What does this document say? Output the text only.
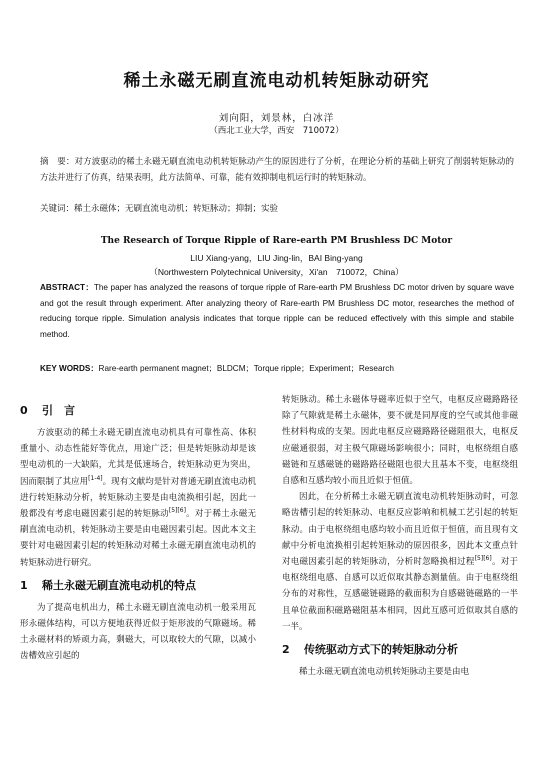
稀土永磁无刷直流电动机转矩脉动研究
刘向阳，刘景林，白冰洋
（西北工业大学，西安　710072）
摘　要：对方波驱动的稀土永磁无刷直流电动机转矩脉动产生的原因进行了分析，在理论分析的基础上研究了削弱转矩脉动的方法并进行了仿真，结果表明，此方法简单、可靠，能有效抑制电机运行时的转矩脉动。
关键词：稀土永磁体；无刷直流电动机；转矩脉动；抑制；实验
The Research of Torque Ripple of Rare-earth PM Brushless DC Motor
LIU Xiang-yang，LIU Jing-lin，BAI Bing-yang
（Northwestern Polytechnical University，Xi'an　710072，China）
ABSTRACT：The paper has analyzed the reasons of torque ripple of Rare-earth PM Brushless DC motor driven by square wave and got the result through experiment. After analyzing theory of Rare-earth PM Brushless DC motor, researches the method of reducing torque ripple. Simulation analysis indicates that torque ripple can be reduced effectively with this simple and stabile method.
KEY WORDS：Rare-earth permanent magnet；BLDCM；Torque ripple；Experiment；Research
0 引　言

方波驱动的稀土永磁无刷直流电动机具有可靠性高、体积重量小、动态性能好等优点，用途广泛；但是转矩脉动却是该型电动机的一大缺陷，尤其是低速场合，转矩脉动更为突出，因而限制了其应用[1-4]。现有文献均是针对普通无刷直流电动机进行转矩脉动分析，转矩脉动主要是由电流换相引起，因此一般都没有考虑电磁因素引起的转矩脉动[5][6]。对于稀土永磁无刷直流电动机，转矩脉动主要是由电磁因素引起。因此本文主要针对电磁因素引起的转矩脉动对稀土永磁无刷直流电动机的转矩脉动进行研究。

1 稀土永磁无刷直流电动机的特点

为了提高电机出力，稀土永磁无刷直流电动机一般采用瓦形永磁体结构，可以方便地获得近似于矩形波的气隙磁场。稀土永磁材料的矫顽力高，剩磁大，可以取较大的气隙，以减小齿槽效应引起的

转矩脉动。稀土永磁体导磁率近似于空气，电枢反应磁路路径除了气隙就是稀土永磁体，要不就是同厚度的空气或其他非磁性材料构成的支架。因此电枢反应磁路路径磁阻很大，电枢反应磁通很弱，对主极气隙磁场影响很小；同时，电枢绕组自感磁链和互感磁链的磁路路径磁阻也很大且基本不变，电枢绕组自感和互感均较小而且近似于恒值。

因此，在分析稀土永磁无刷直流电动机转矩脉动时，可忽略齿槽引起的转矩脉动、电枢反应影响和机械工艺引起的转矩脉动。由于电枢绕组电感均较小而且近似于恒值，而且现有文献中分析电流换相引起转矩脉动的原因很多，因此本文重点针对电磁因素引起的转矩脉动，分析时忽略换相过程[5][6]。对于电枢绕组电感、自感可以近似取其静态测量值。由于电枢绕组分布的对称性，互感磁链磁路的截面积为自感磁链磁路的一半且单位截面积磁路磁阻基本相同，因此互感可近似取其自感的一半。

2 传统驱动方式下的转矩脉动分析

稀土永磁无刷直流电动机转矩脉动主要是由电
